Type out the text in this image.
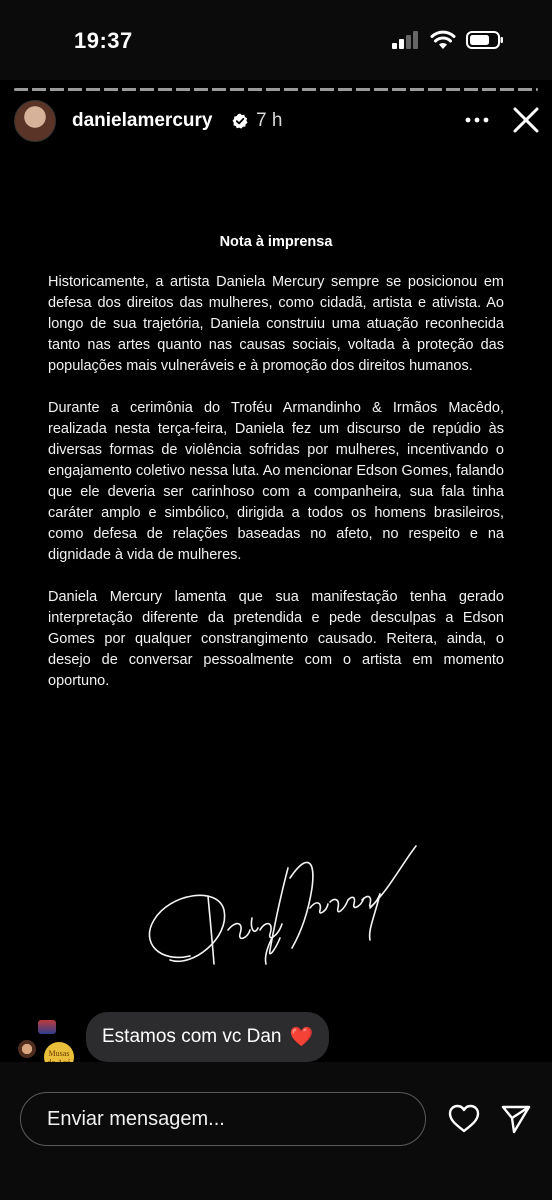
19:37
danielamercury 7 h
Nota à imprensa

Historicamente, a artista Daniela Mercury sempre se posicionou em defesa dos direitos das mulheres, como cidadã, artista e ativista. Ao longo de sua trajetória, Daniela construiu uma atuação reconhecida tanto nas artes quanto nas causas sociais, voltada à proteção das populações mais vulneráveis e à promoção dos direitos humanos.

Durante a cerimônia do Troféu Armandinho & Irmãos Macêdo, realizada nesta terça-feira, Daniela fez um discurso de repúdio às diversas formas de violência sofridas por mulheres, incentivando o engajamento coletivo nessa luta. Ao mencionar Edson Gomes, falando que ele deveria ser carinhoso com a companheira, sua fala tinha caráter amplo e simbólico, dirigida a todos os homens brasileiros, como defesa de relações baseadas no afeto, no respeito e na dignidade à vida de mulheres.

Daniela Mercury lamenta que sua manifestação tenha gerado interpretação diferente da pretendida e pede desculpas a Edson Gomes por qualquer constrangimento causado. Reitera, ainda, o desejo de conversar pessoalmente com o artista em momento oportuno.

Musas
Estamos com vc Dan ❤️
Enviar mensagem...
